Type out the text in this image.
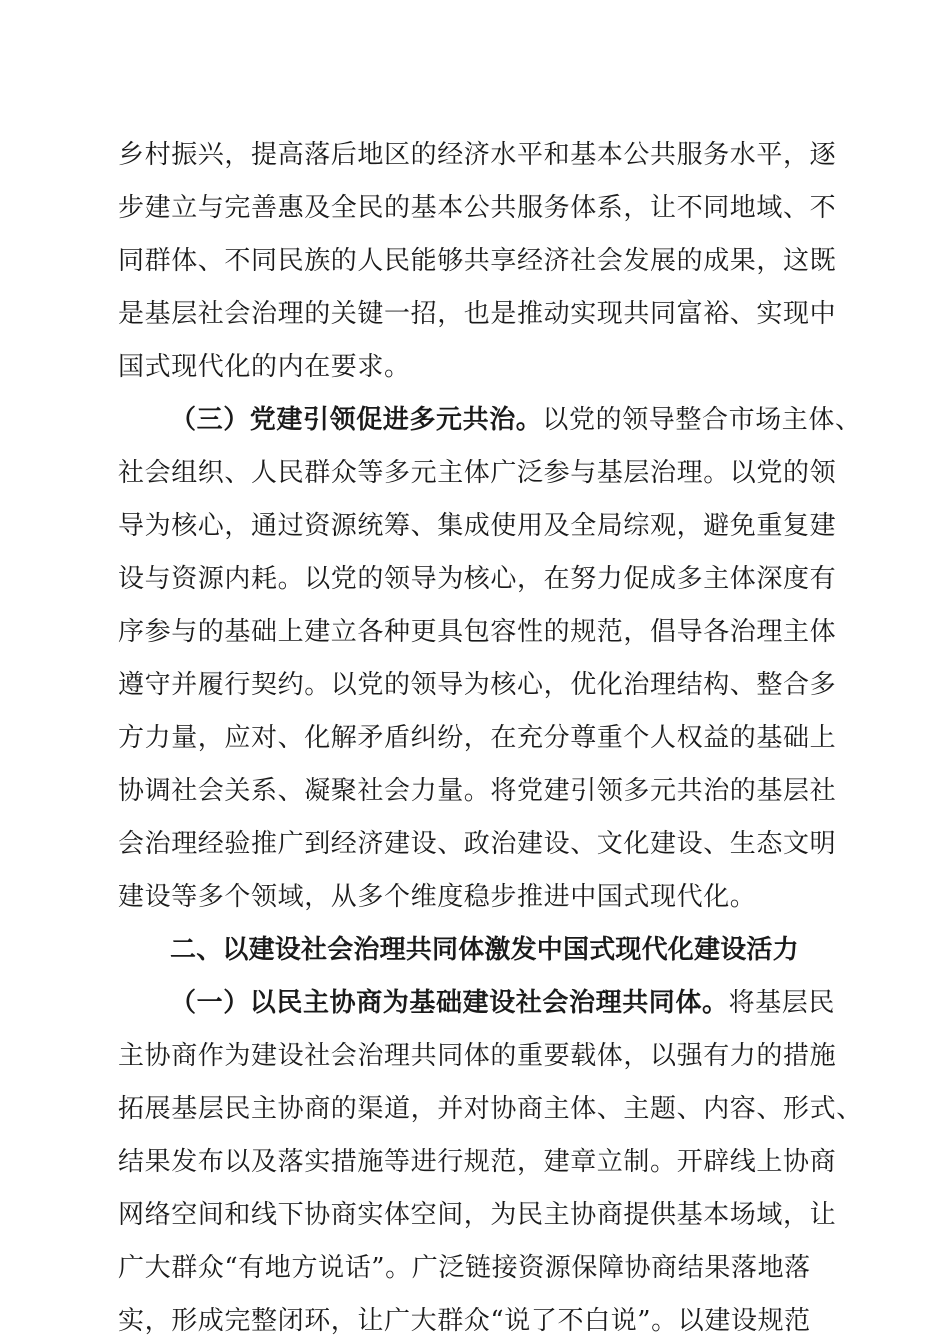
乡村振兴，提高落后地区的经济水平和基本公共服务水平，逐
步建立与完善惠及全民的基本公共服务体系，让不同地域、不
同群体、不同民族的人民能够共享经济社会发展的成果，这既
是基层社会治理的关键一招，也是推动实现共同富裕、实现中
国式现代化的内在要求。
（三）党建引领促进多元共治。以党的领导整合市场主体、
社会组织、人民群众等多元主体广泛参与基层治理。以党的领
导为核心，通过资源统筹、集成使用及全局综观，避免重复建
设与资源内耗。以党的领导为核心，在努力促成多主体深度有
序参与的基础上建立各种更具包容性的规范，倡导各治理主体
遵守并履行契约。以党的领导为核心，优化治理结构、整合多
方力量，应对、化解矛盾纠纷，在充分尊重个人权益的基础上
协调社会关系、凝聚社会力量。将党建引领多元共治的基层社
会治理经验推广到经济建设、政治建设、文化建设、生态文明
建设等多个领域，从多个维度稳步推进中国式现代化。
二、以建设社会治理共同体激发中国式现代化建设活力
（一）以民主协商为基础建设社会治理共同体。将基层民
主协商作为建设社会治理共同体的重要载体，以强有力的措施
拓展基层民主协商的渠道，并对协商主体、主题、内容、形式、
结果发布以及落实措施等进行规范，建章立制。开辟线上协商
网络空间和线下协商实体空间，为民主协商提供基本场域，让
广大群众“有地方说话”。广泛链接资源保障协商结果落地落
实，形成完整闭环，让广大群众“说了不白说”。以建设规范
